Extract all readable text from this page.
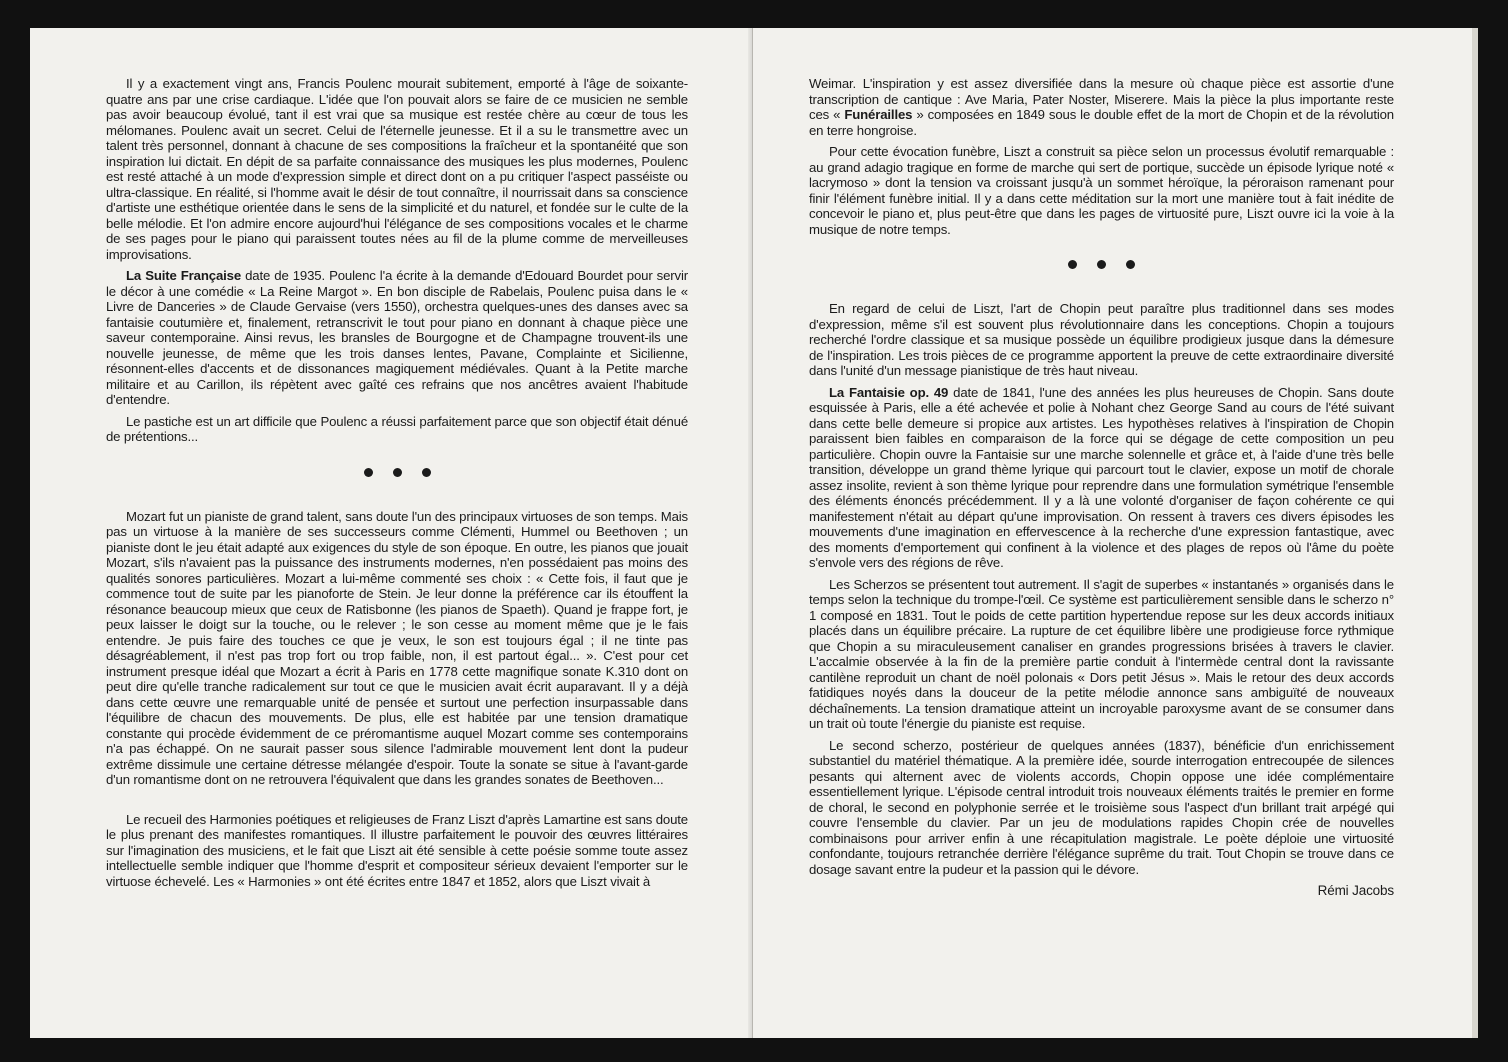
Il y a exactement vingt ans, Francis Poulenc mourait subitement, emporté à l'âge de soixante-quatre ans par une crise cardiaque. L'idée que l'on pouvait alors se faire de ce musicien ne semble pas avoir beaucoup évolué, tant il est vrai que sa musique est restée chère au cœur de tous les mélomanes. Poulenc avait un secret. Celui de l'éternelle jeunesse. Et il a su le transmettre avec un talent très personnel, donnant à chacune de ses compositions la fraîcheur et la spontanéité que son inspiration lui dictait. En dépit de sa parfaite connaissance des musiques les plus modernes, Poulenc est resté attaché à un mode d'expression simple et direct dont on a pu critiquer l'aspect passéiste ou ultra-classique. En réalité, si l'homme avait le désir de tout connaître, il nourrissait dans sa conscience d'artiste une esthétique orientée dans le sens de la simplicité et du naturel, et fondée sur le culte de la belle mélodie. Et l'on admire encore aujourd'hui l'élégance de ses compositions vocales et le charme de ses pages pour le piano qui paraissent toutes nées au fil de la plume comme de merveilleuses improvisations.

La Suite Française date de 1935. Poulenc l'a écrite à la demande d'Edouard Bourdet pour servir le décor à une comédie « La Reine Margot ». En bon disciple de Rabelais, Poulenc puisa dans le « Livre de Danceries » de Claude Gervaise (vers 1550), orchestra quelques-unes des danses avec sa fantaisie coutumière et, finalement, retranscrivit le tout pour piano en donnant à chaque pièce une saveur contemporaine. Ainsi revus, les bransles de Bourgogne et de Champagne trouvent-ils une nouvelle jeunesse, de même que les trois danses lentes, Pavane, Complainte et Sicilienne, résonnent-elles d'accents et de dissonances magiquement médiévales. Quant à la Petite marche militaire et au Carillon, ils répètent avec gaîté ces refrains que nos ancêtres avaient l'habitude d'entendre.

Le pastiche est un art difficile que Poulenc a réussi parfaitement parce que son objectif était dénué de prétentions...

Mozart fut un pianiste de grand talent, sans doute l'un des principaux virtuoses de son temps. Mais pas un virtuose à la manière de ses successeurs comme Clémenti, Hummel ou Beethoven ; un pianiste dont le jeu était adapté aux exigences du style de son époque. En outre, les pianos que jouait Mozart, s'ils n'avaient pas la puissance des instruments modernes, n'en possédaient pas moins des qualités sonores particulières. Mozart a lui-même commenté ses choix : « Cette fois, il faut que je commence tout de suite par les pianoforte de Stein. Je leur donne la préférence car ils étouffent la résonance beaucoup mieux que ceux de Ratisbonne (les pianos de Spaeth). Quand je frappe fort, je peux laisser le doigt sur la touche, ou le relever ; le son cesse au moment même que je le fais entendre. Je puis faire des touches ce que je veux, le son est toujours égal ; il ne tinte pas désagréablement, il n'est pas trop fort ou trop faible, non, il est partout égal... ». C'est pour cet instrument presque idéal que Mozart a écrit à Paris en 1778 cette magnifique sonate K.310 dont on peut dire qu'elle tranche radicalement sur tout ce que le musicien avait écrit auparavant. Il y a déjà dans cette œuvre une remarquable unité de pensée et surtout une perfection insurpassable dans l'équilibre de chacun des mouvements. De plus, elle est habitée par une tension dramatique constante qui procède évidemment de ce préromantisme auquel Mozart comme ses contemporains n'a pas échappé. On ne saurait passer sous silence l'admirable mouvement lent dont la pudeur extrême dissimule une certaine détresse mélangée d'espoir. Toute la sonate se situe à l'avant-garde d'un romantisme dont on ne retrouvera l'équivalent que dans les grandes sonates de Beethoven...

Le recueil des Harmonies poétiques et religieuses de Franz Liszt d'après Lamartine est sans doute le plus prenant des manifestes romantiques. Il illustre parfaitement le pouvoir des œuvres littéraires sur l'imagination des musiciens, et le fait que Liszt ait été sensible à cette poésie somme toute assez intellectuelle semble indiquer que l'homme d'esprit et compositeur sérieux devaient l'emporter sur le virtuose échevelé. Les « Harmonies » ont été écrites entre 1847 et 1852, alors que Liszt vivait à

Weimar. L'inspiration y est assez diversifiée dans la mesure où chaque pièce est assortie d'une transcription de cantique : Ave Maria, Pater Noster, Miserere. Mais la pièce la plus importante reste ces « Funérailles » composées en 1849 sous le double effet de la mort de Chopin et de la révolution en terre hongroise.

Pour cette évocation funèbre, Liszt a construit sa pièce selon un processus évolutif remarquable : au grand adagio tragique en forme de marche qui sert de portique, succède un épisode lyrique noté « lacrymoso » dont la tension va croissant jusqu'à un sommet héroïque, la péroraison ramenant pour finir l'élément funèbre initial. Il y a dans cette méditation sur la mort une manière tout à fait inédite de concevoir le piano et, plus peut-être que dans les pages de virtuosité pure, Liszt ouvre ici la voie à la musique de notre temps.

En regard de celui de Liszt, l'art de Chopin peut paraître plus traditionnel dans ses modes d'expression, même s'il est souvent plus révolutionnaire dans les conceptions. Chopin a toujours recherché l'ordre classique et sa musique possède un équilibre prodigieux jusque dans la démesure de l'inspiration. Les trois pièces de ce programme apportent la preuve de cette extraordinaire diversité dans l'unité d'un message pianistique de très haut niveau.

La Fantaisie op. 49 date de 1841, l'une des années les plus heureuses de Chopin. Sans doute esquissée à Paris, elle a été achevée et polie à Nohant chez George Sand au cours de l'été suivant dans cette belle demeure si propice aux artistes. Les hypothèses relatives à l'inspiration de Chopin paraissent bien faibles en comparaison de la force qui se dégage de cette composition un peu particulière. Chopin ouvre la Fantaisie sur une marche solennelle et grâce et, à l'aide d'une très belle transition, développe un grand thème lyrique qui parcourt tout le clavier, expose un motif de chorale assez insolite, revient à son thème lyrique pour reprendre dans une formulation symétrique l'ensemble des éléments énoncés précédemment. Il y a là une volonté d'organiser de façon cohérente ce qui manifestement n'était au départ qu'une improvisation. On ressent à travers ces divers épisodes les mouvements d'une imagination en effervescence à la recherche d'une expression fantastique, avec des moments d'emportement qui confinent à la violence et des plages de repos où l'âme du poète s'envole vers des régions de rêve.

Les Scherzos se présentent tout autrement. Il s'agit de superbes « instantanés » organisés dans le temps selon la technique du trompe-l'œil. Ce système est particulièrement sensible dans le scherzo n° 1 composé en 1831. Tout le poids de cette partition hypertendue repose sur les deux accords initiaux placés dans un équilibre précaire. La rupture de cet équilibre libère une prodigieuse force rythmique que Chopin a su miraculeusement canaliser en grandes progressions brisées à travers le clavier. L'accalmie observée à la fin de la première partie conduit à l'intermède central dont la ravissante cantilène reproduit un chant de noël polonais « Dors petit Jésus ». Mais le retour des deux accords fatidiques noyés dans la douceur de la petite mélodie annonce sans ambiguïté de nouveaux déchaînements. La tension dramatique atteint un incroyable paroxysme avant de se consumer dans un trait où toute l'énergie du pianiste est requise.

Le second scherzo, postérieur de quelques années (1837), bénéficie d'un enrichissement substantiel du matériel thématique. A la première idée, sourde interrogation entrecoupée de silences pesants qui alternent avec de violents accords, Chopin oppose une idée complémentaire essentiellement lyrique. L'épisode central introduit trois nouveaux éléments traités le premier en forme de choral, le second en polyphonie serrée et le troisième sous l'aspect d'un brillant trait arpégé qui couvre l'ensemble du clavier. Par un jeu de modulations rapides Chopin crée de nouvelles combinaisons pour arriver enfin à une récapitulation magistrale. Le poète déploie une virtuosité confondante, toujours retranchée derrière l'élégance suprême du trait. Tout Chopin se trouve dans ce dosage savant entre la pudeur et la passion qui le dévore.

Rémi Jacobs
